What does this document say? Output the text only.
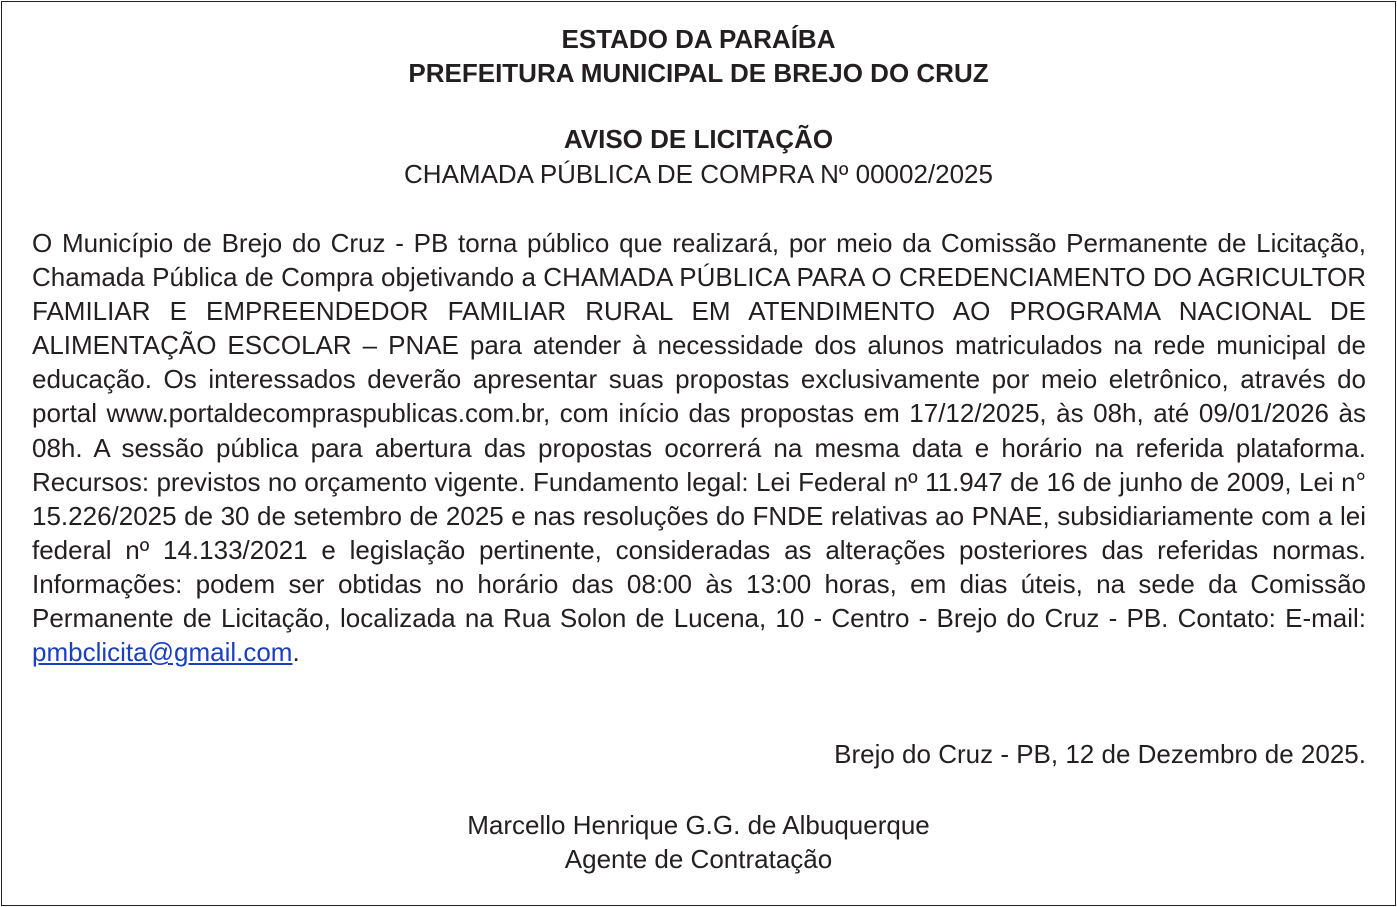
ESTADO DA PARAÍBA
PREFEITURA MUNICIPAL DE BREJO DO CRUZ
AVISO DE LICITAÇÃO
CHAMADA PÚBLICA DE COMPRA Nº 00002/2025

O Município de Brejo do Cruz - PB torna público que realizará, por meio da Comissão Permanente de Licitação, Chamada Pública de Compra objetivando a CHAMADA PÚBLICA PARA O CREDENCIAMENTO DO AGRICULTOR FAMILIAR E EMPREENDEDOR FAMILIAR RURAL EM ATENDIMENTO AO PROGRAMA NACIONAL DE ALIMENTAÇÃO ESCOLAR – PNAE para atender à necessidade dos alunos matriculados na rede municipal de educação. Os interessados deverão apresentar suas propostas exclusivamente por meio eletrônico, através do portal www.portaldecompraspublicas.com.br, com início das propostas em 17/12/2025, às 08h, até 09/01/2026 às 08h. A sessão pública para abertura das propostas ocorrerá na mesma data e horário na referida plataforma. Recursos: previstos no orçamento vigente. Fundamento legal: Lei Federal nº 11.947 de 16 de junho de 2009, Lei n° 15.226/2025 de 30 de setembro de 2025 e nas resoluções do FNDE relativas ao PNAE, subsidiariamente com a lei federal nº 14.133/2021 e legislação pertinente, consideradas as alterações posteriores das referidas normas. Informações: podem ser obtidas no horário das 08:00 às 13:00 horas, em dias úteis, na sede da Comissão Permanente de Licitação, localizada na Rua Solon de Lucena, 10 - Centro - Brejo do Cruz - PB. Contato: E-mail: pmbclicita@gmail.com.

Brejo do Cruz - PB, 12 de Dezembro de 2025.
Marcello Henrique G.G. de Albuquerque
Agente de Contratação
